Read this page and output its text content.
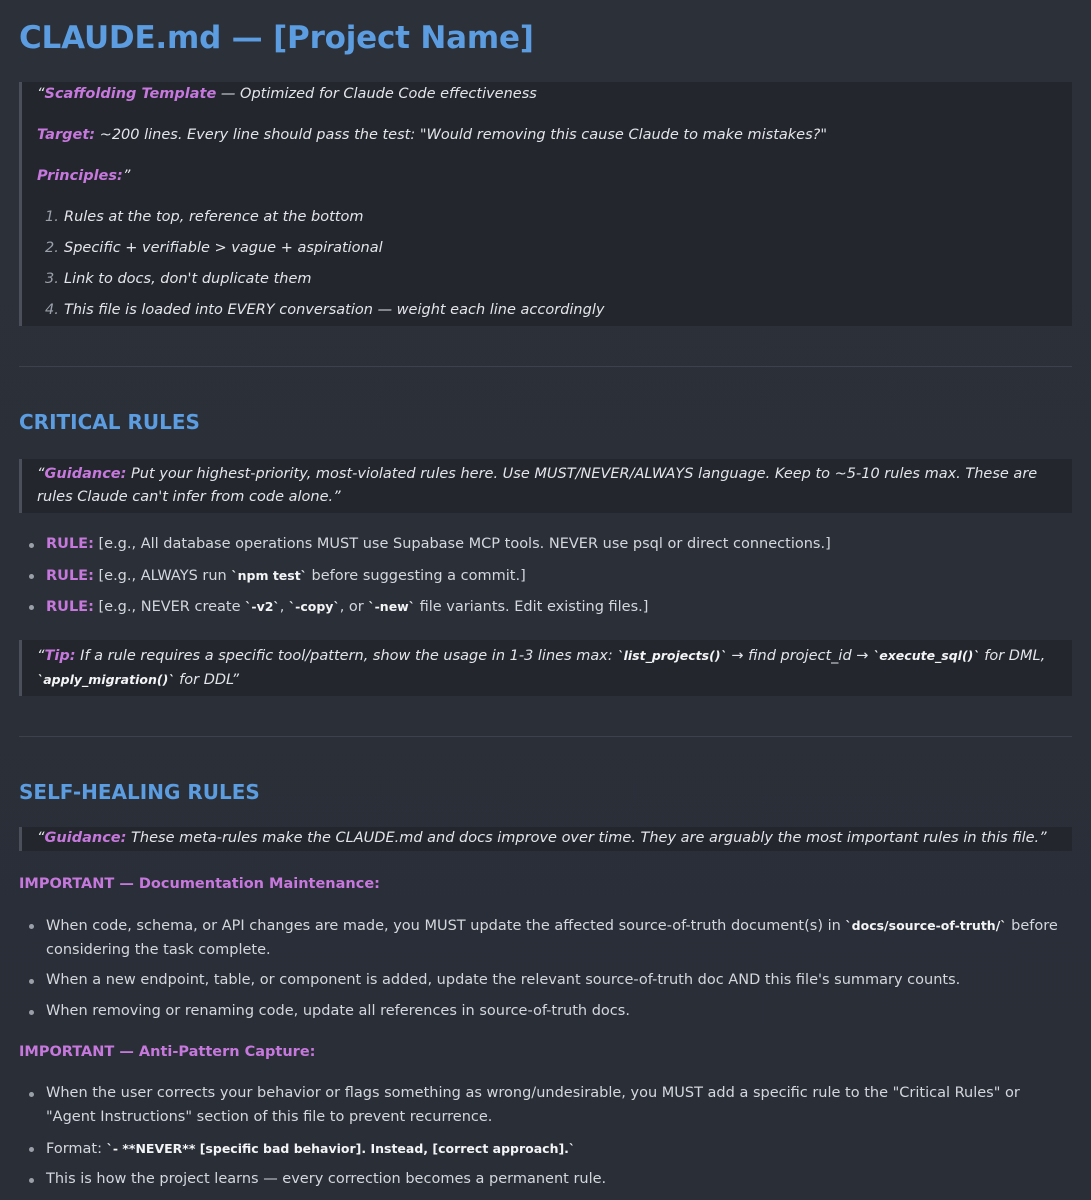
CLAUDE.md — [Project Name]

“Scaffolding Template — Optimized for Claude Code effectiveness

Target: ~200 lines. Every line should pass the test: "Would removing this cause Claude to make mistakes?"

Principles:”

1. Rules at the top, reference at the bottom
2. Specific + verifiable > vague + aspirational
3. Link to docs, don't duplicate them
4. This file is loaded into EVERY conversation — weight each line accordingly
CRITICAL RULES

“Guidance: Put your highest-priority, most-violated rules here. Use MUST/NEVER/ALWAYS language. Keep to ~5-10 rules max. These are rules Claude can't infer from code alone.”

RULE: [e.g., All database operations MUST use Supabase MCP tools. NEVER use psql or direct connections.]
RULE: [e.g., ALWAYS run `npm test` before suggesting a commit.]
RULE: [e.g., NEVER create `-v2`, `-copy`, or `-new` file variants. Edit existing files.]

“Tip: If a rule requires a specific tool/pattern, show the usage in 1-3 lines max: `list_projects()` → find project_id → `execute_sql()` for DML, `apply_migration()` for DDL”

SELF-HEALING RULES

“Guidance: These meta-rules make the CLAUDE.md and docs improve over time. They are arguably the most important rules in this file.”

IMPORTANT — Documentation Maintenance:
When code, schema, or API changes are made, you MUST update the affected source-of-truth document(s) in `docs/source-of-truth/` before considering the task complete.
When a new endpoint, table, or component is added, update the relevant source-of-truth doc AND this file's summary counts.
When removing or renaming code, update all references in source-of-truth docs.
IMPORTANT — Anti-Pattern Capture:
When the user corrects your behavior or flags something as wrong/undesirable, you MUST add a specific rule to the "Critical Rules" or "Agent Instructions" section of this file to prevent recurrence.
Format: `- **NEVER** [specific bad behavior]. Instead, [correct approach].`
This is how the project learns — every correction becomes a permanent rule.
